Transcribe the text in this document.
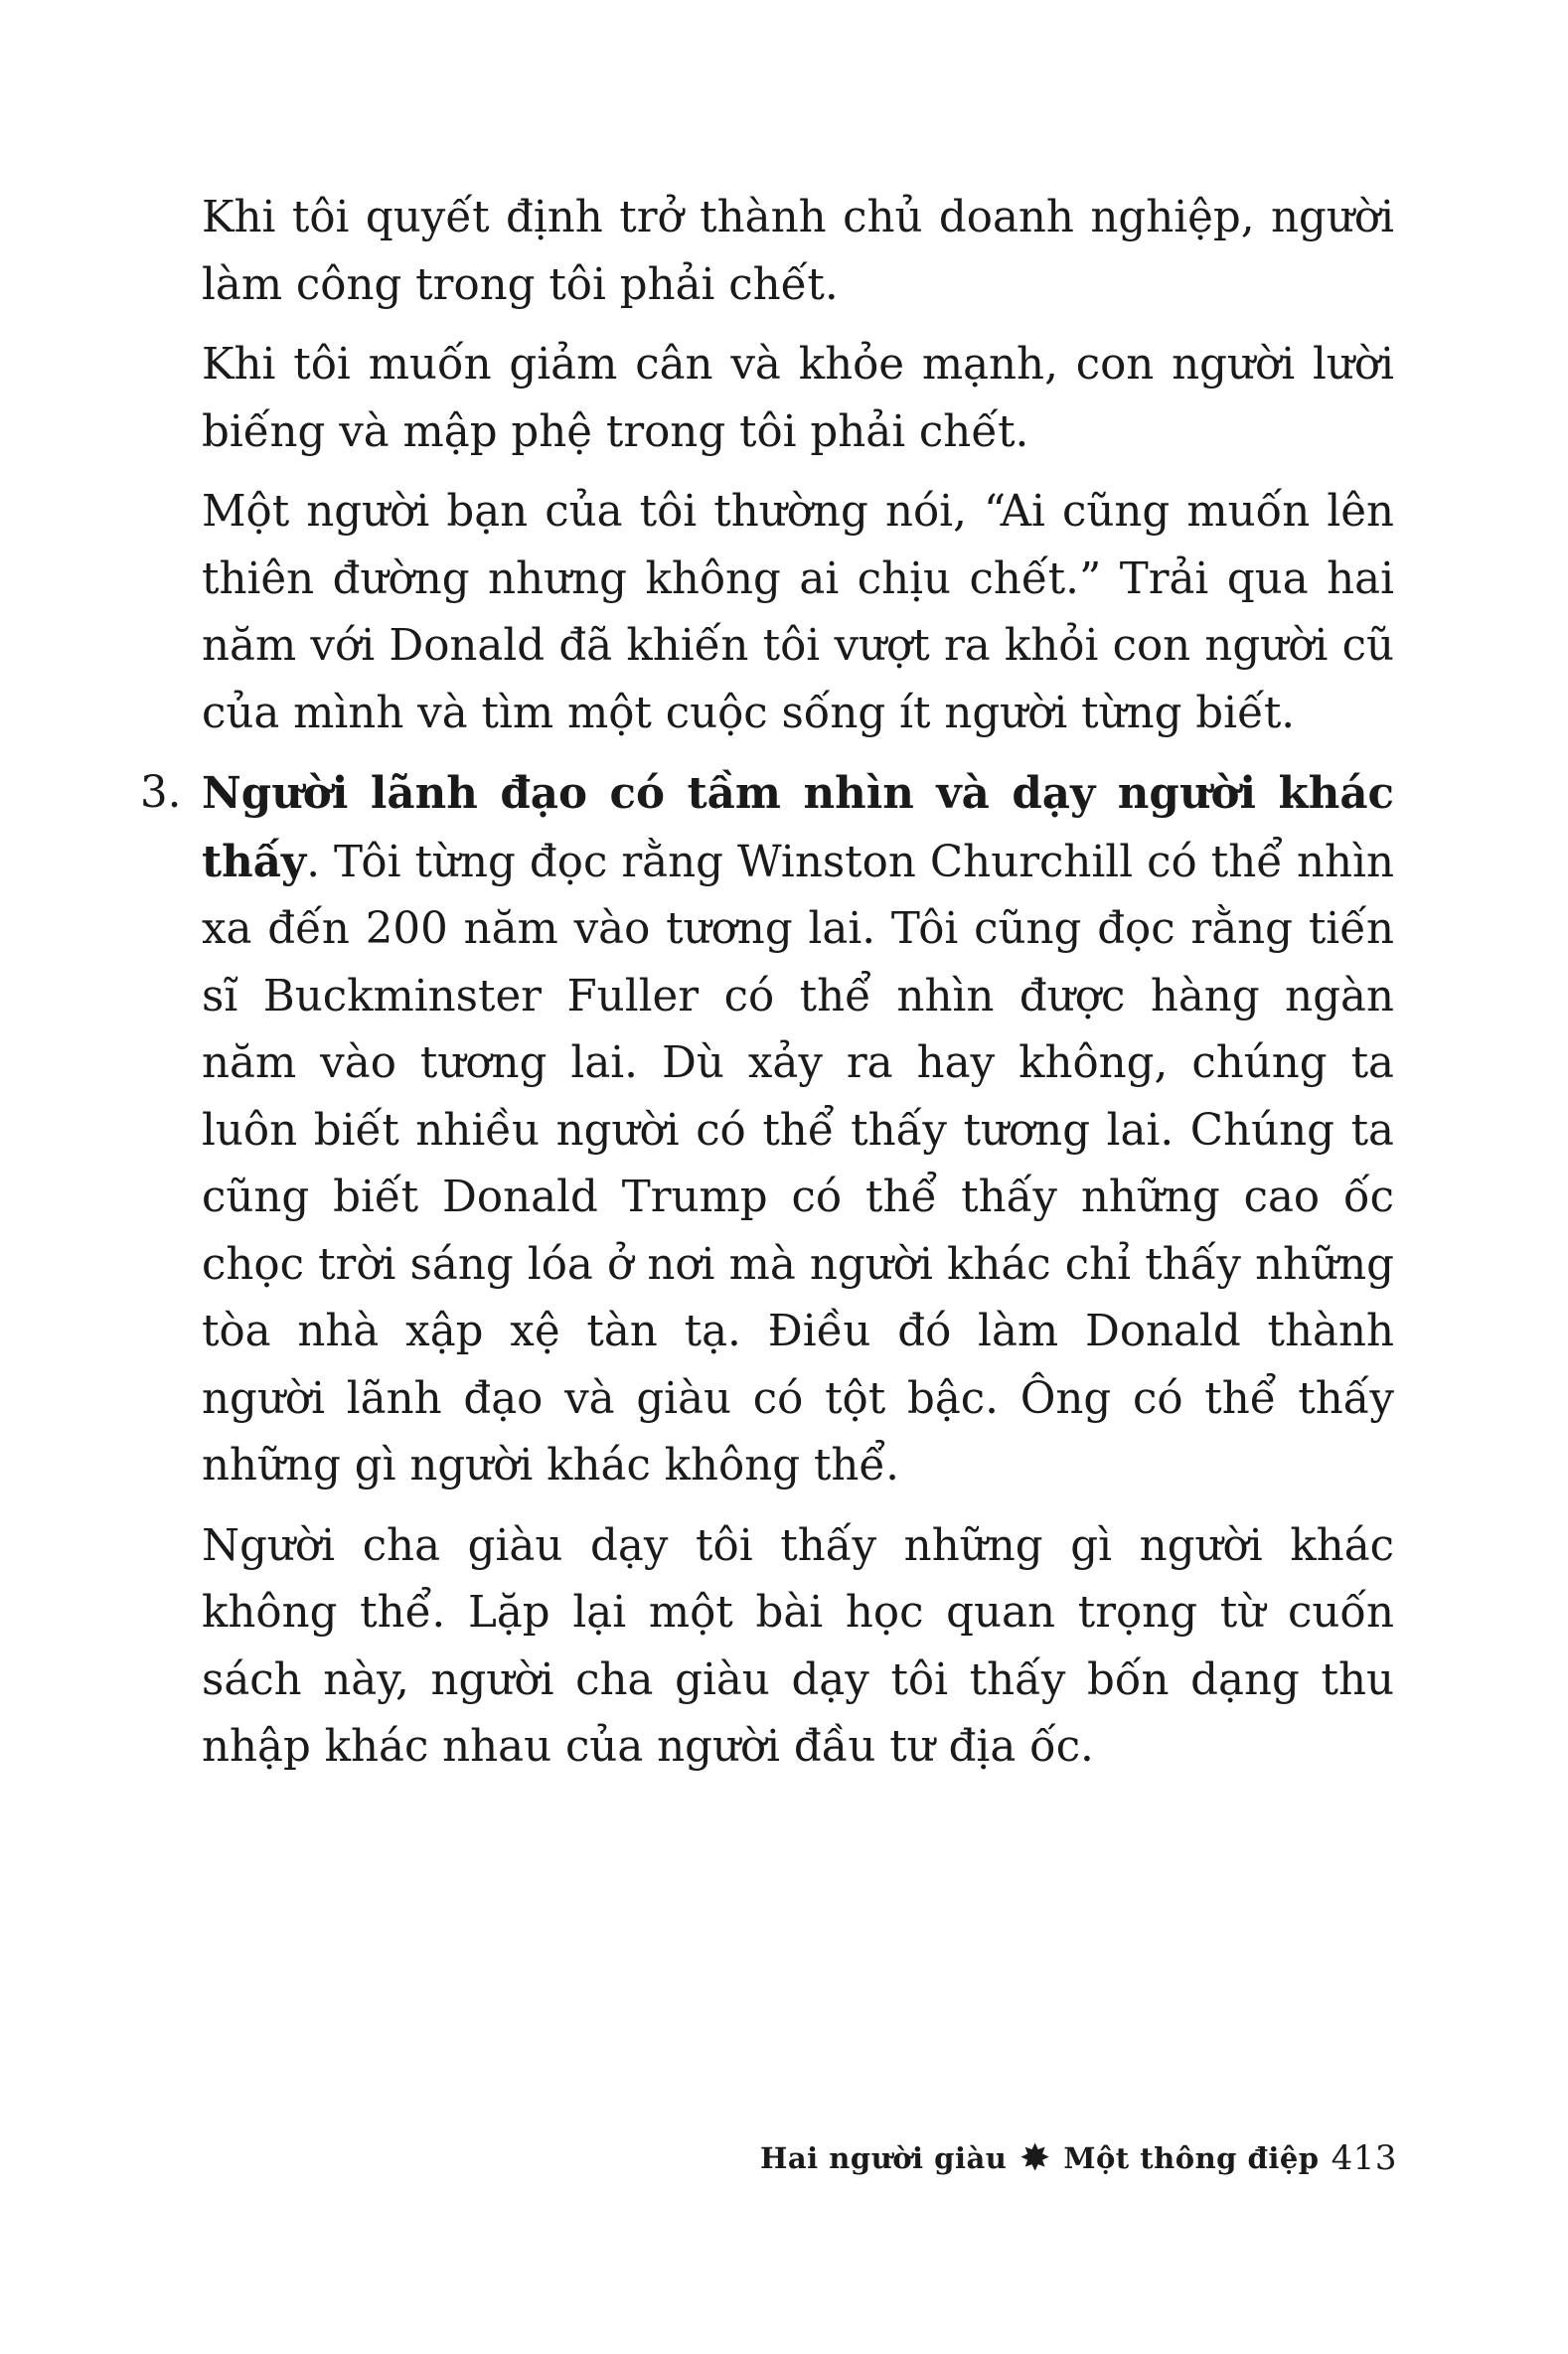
Khi tôi quyết định trở thành chủ doanh nghiệp, người làm công trong tôi phải chết.

Khi tôi muốn giảm cân và khỏe mạnh, con người lười biếng và mập phệ trong tôi phải chết.

Một người bạn của tôi thường nói, “Ai cũng muốn lên thiên đường nhưng không ai chịu chết.” Trải qua hai năm với Donald đã khiến tôi vượt ra khỏi con người cũ của mình và tìm một cuộc sống ít người từng biết.

3. Người lãnh đạo có tầm nhìn và dạy người khác thấy. Tôi từng đọc rằng Winston Churchill có thể nhìn xa đến 200 năm vào tương lai. Tôi cũng đọc rằng tiến sĩ Buckminster Fuller có thể nhìn được hàng ngàn năm vào tương lai. Dù xảy ra hay không, chúng ta luôn biết nhiều người có thể thấy tương lai. Chúng ta cũng biết Donald Trump có thể thấy những cao ốc chọc trời sáng lóa ở nơi mà người khác chỉ thấy những tòa nhà xập xệ tàn tạ. Điều đó làm Donald thành người lãnh đạo và giàu có tột bậc. Ông có thể thấy những gì người khác không thể.

Người cha giàu dạy tôi thấy những gì người khác không thể. Lặp lại một bài học quan trọng từ cuốn sách này, người cha giàu dạy tôi thấy bốn dạng thu nhập khác nhau của người đầu tư địa ốc.

Hai người giàu ✸ Một thông điệp 413
